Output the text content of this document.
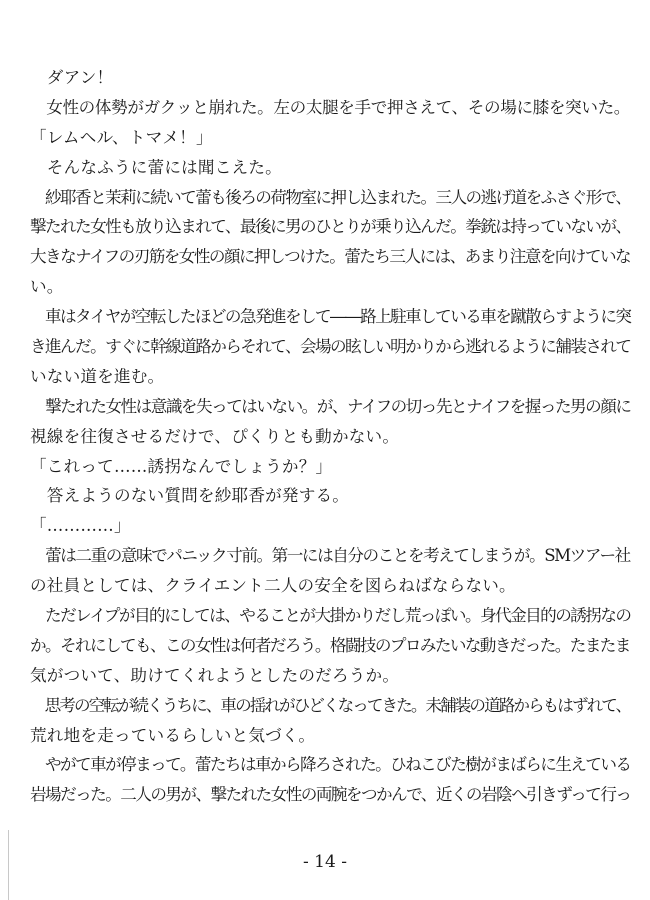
　ダアン！
　女性の体勢がガクッと崩れた。左の太腿を手で押さえて、その場に膝を突いた。
「レムヘル、トマメ！」
　そんなふうに蕾には聞こえた。
　紗耶香と茉莉に続いて蕾も後ろの荷物室に押し込まれた。三人の逃げ道をふさぐ形で、
撃たれた女性も放り込まれて、最後に男のひとりが乗り込んだ。拳銃は持っていないが、
大きなナイフの刃筋を女性の顔に押しつけた。蕾たち三人には、あまり注意を向けていな
い。
　車はタイヤが空転したほどの急発進をして――路上駐車している車を蹴散らすように突
き進んだ。すぐに幹線道路からそれて、会場の眩しい明かりから逃れるように舗装されて
いない道を進む。
　撃たれた女性は意識を失ってはいない。が、ナイフの切っ先とナイフを握った男の顔に
視線を往復させるだけで、ぴくりとも動かない。
「これって……誘拐なんでしょうか？」
　答えようのない質問を紗耶香が発する。
「…………」
　蕾は二重の意味でパニック寸前。第一には自分のことを考えてしまうが。SMツアー社
の社員としては、クライエント二人の安全を図らねばならない。
　ただレイプが目的にしては、やることが大掛かりだし荒っぽい。身代金目的の誘拐なの
か。それにしても、この女性は何者だろう。格闘技のプロみたいな動きだった。たまたま
気がついて、助けてくれようとしたのだろうか。
　思考の空転が続くうちに、車の揺れがひどくなってきた。未舗装の道路からもはずれて、
荒れ地を走っているらしいと気づく。
　やがて車が停まって。蕾たちは車から降ろされた。ひねこびた樹がまばらに生えている
岩場だった。二人の男が、撃たれた女性の両腕をつかんで、近くの岩陰へ引きずって行っ
- 14 -
